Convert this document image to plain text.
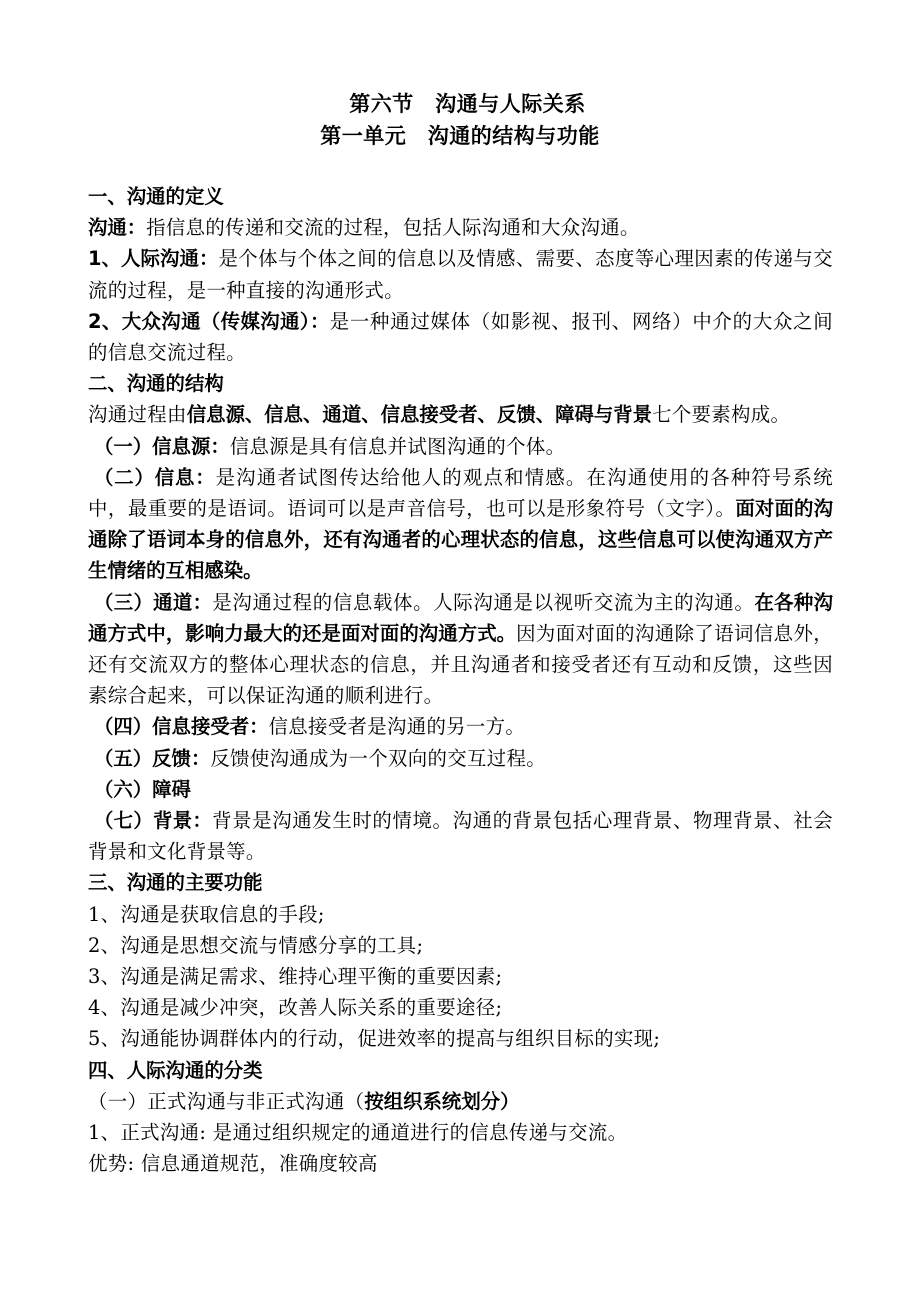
第六节　沟通与人际关系
第一单元　沟通的结构与功能

一、沟通的定义

沟通：指信息的传递和交流的过程，包括人际沟通和大众沟通。

1、人际沟通：是个体与个体之间的信息以及情感、需要、态度等心理因素的传递与交流的过程，是一种直接的沟通形式。

2、大众沟通（传媒沟通）：是一种通过媒体（如影视、报刊、网络）中介的大众之间的信息交流过程。

二、沟通的结构

沟通过程由信息源、信息、通道、信息接受者、反馈、障碍与背景七个要素构成。

（一）信息源：信息源是具有信息并试图沟通的个体。

（二）信息：是沟通者试图传达给他人的观点和情感。在沟通使用的各种符号系统中，最重要的是语词。语词可以是声音信号，也可以是形象符号（文字）。面对面的沟通除了语词本身的信息外，还有沟通者的心理状态的信息，这些信息可以使沟通双方产生情绪的互相感染。

（三）通道：是沟通过程的信息载体。人际沟通是以视听交流为主的沟通。在各种沟通方式中，影响力最大的还是面对面的沟通方式。因为面对面的沟通除了语词信息外，还有交流双方的整体心理状态的信息，并且沟通者和接受者还有互动和反馈，这些因素综合起来，可以保证沟通的顺利进行。

（四）信息接受者：信息接受者是沟通的另一方。

（五）反馈：反馈使沟通成为一个双向的交互过程。

（六）障碍

（七）背景：背景是沟通发生时的情境。沟通的背景包括心理背景、物理背景、社会背景和文化背景等。

三、沟通的主要功能

1、沟通是获取信息的手段;

2、沟通是思想交流与情感分享的工具;

3、沟通是满足需求、维持心理平衡的重要因素;

4、沟通是减少冲突，改善人际关系的重要途径;

5、沟通能协调群体内的行动，促进效率的提高与组织目标的实现;

四、人际沟通的分类

（一）正式沟通与非正式沟通（按组织系统划分）

1、正式沟通: 是通过组织规定的通道进行的信息传递与交流。

优势: 信息通道规范，准确度较高
